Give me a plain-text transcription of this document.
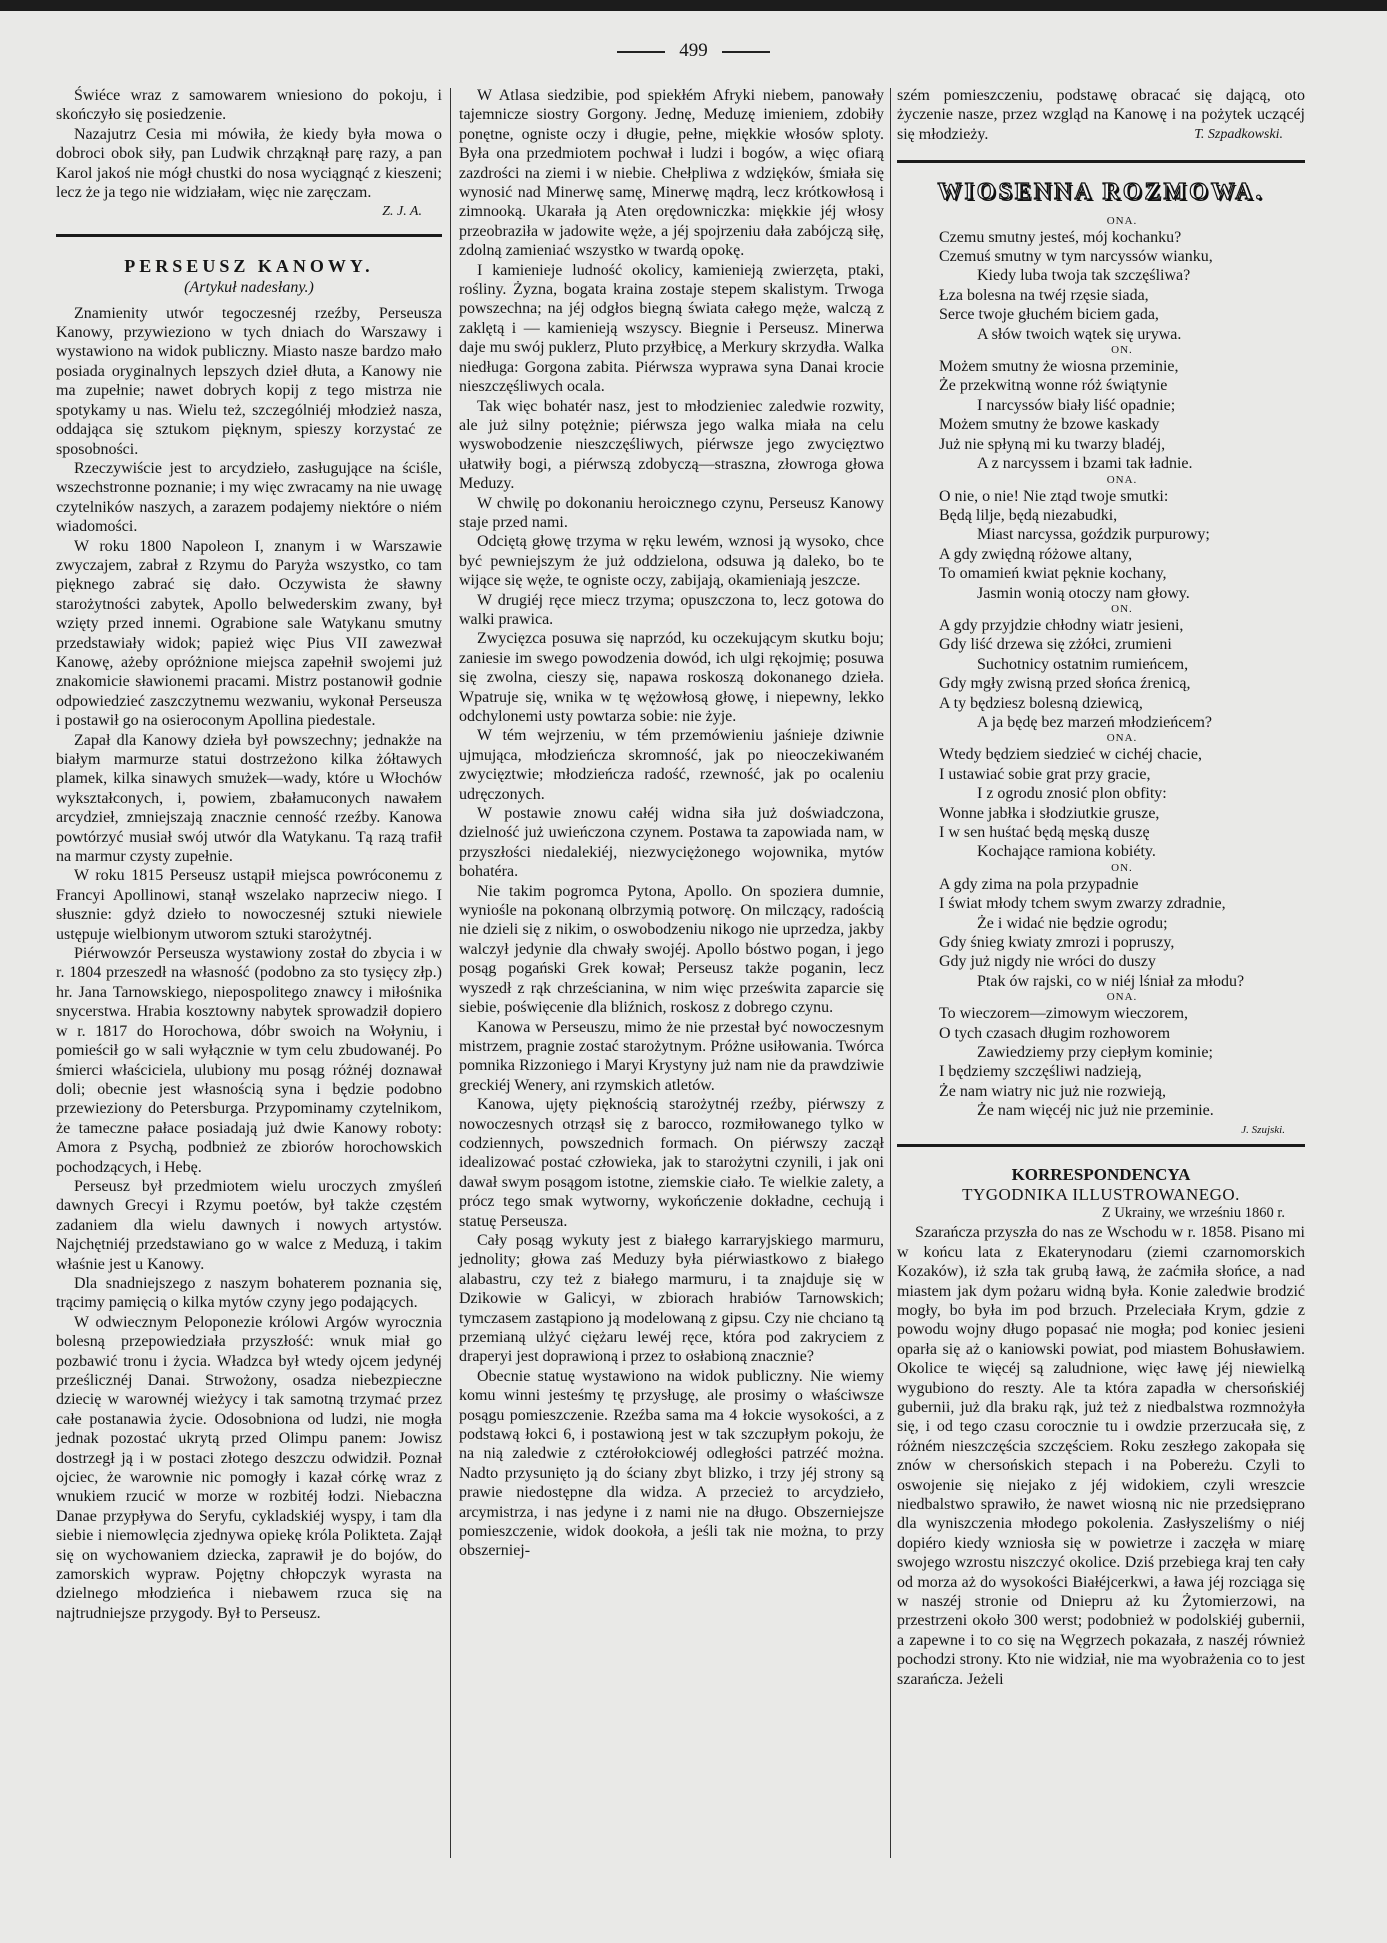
499

Świéce wraz z samowarem wniesiono do pokoju, i skończyło się posiedzenie.

Nazajutrz Cesia mi mówiła, że kiedy była mowa o dobroci obok siły, pan Ludwik chrząknął parę razy, a pan Karol jakoś nie mógł chustki do nosa wyciągnąć z kieszeni; lecz że ja tego nie widziałam, więc nie zaręczam.

Z. J. A.
PERSEUSZ KANOWY.
(Artykuł nadesłany.)

Znamienity utwór tegoczesnéj rzeźby, Perseusza Kanowy, przywieziono w tych dniach do Warszawy i wystawiono na widok publiczny. Miasto nasze bardzo mało posiada oryginalnych lepszych dzieł dłuta, a Kanowy nie ma zupełnie; nawet dobrych kopij z tego mistrza nie spotykamy u nas. Wielu też, szczególniéj młodzież nasza, oddająca się sztukom pięknym, spieszy korzystać ze sposobności.

Rzeczywiście jest to arcydzieło, zasługujące na ściśle, wszechstronne poznanie; i my więc zwracamy na nie uwagę czytelników naszych, a zarazem podajemy niektóre o niém wiadomości.

W roku 1800 Napoleon I, znanym i w Warszawie zwyczajem, zabrał z Rzymu do Paryża wszystko, co tam pięknego zabrać się dało. Oczywista że sławny starożytności zabytek, Apollo belwederskim zwany, był wzięty przed innemi. Ograbione sale Watykanu smutny przedstawiały widok; papież więc Pius VII zawezwał Kanowę, ażeby opróżnione miejsca zapełnił swojemi już znakomicie sławionemi pracami. Mistrz postanowił godnie odpowiedzieć zaszczytnemu wezwaniu, wykonał Perseusza i postawił go na osieroconym Apollina piedestale.

Zapał dla Kanowy dzieła był powszechny; jednakże na białym marmurze statui dostrzeżono kilka żółtawych plamek, kilka sinawych smużek—wady, które u Włochów wykształconych, i, powiem, zbałamuconych nawałem arcydzieł, zmniejszają znacznie cenność rzeźby. Kanowa powtórzyć musiał swój utwór dla Watykanu. Tą razą trafił na marmur czysty zupełnie.

W roku 1815 Perseusz ustąpił miejsca powróconemu z Francyi Apollinowi, stanął wszelako naprzeciw niego. I słusznie: gdyż dzieło to nowoczesnéj sztuki niewiele ustępuje wielbionym utworom sztuki starożytnéj.

Piérwowzór Perseusza wystawiony został do zbycia i w r. 1804 przeszedł na własność (podobno za sto tysięcy złp.) hr. Jana Tarnowskiego, niepospolitego znawcy i miłośnika snycerstwa. Hrabia kosztowny nabytek sprowadził dopiero w r. 1817 do Horochowa, dóbr swoich na Wołyniu, i pomieścił go w sali wyłącznie w tym celu zbudowanéj. Po śmierci właściciela, ulubiony mu posąg różnéj doznawał doli; obecnie jest własnością syna i będzie podobno przewieziony do Petersburga. Przypominamy czytelnikom, że tameczne pałace posiadają już dwie Kanowy roboty: Amora z Psychą, podbnież ze zbiorów horochowskich pochodzących, i Hebę.

Perseusz był przedmiotem wielu uroczych zmyśleń dawnych Grecyi i Rzymu poetów, był także częstém zadaniem dla wielu dawnych i nowych artystów. Najchętniéj przedstawiano go w walce z Meduzą, i takim właśnie jest u Kanowy.

Dla snadniejszego z naszym bohaterem poznania się, trącimy pamięcią o kilka mytów czyny jego podających.

W odwiecznym Peloponezie królowi Argów wyrocznia bolesną przepowiedziała przyszłość: wnuk miał go pozbawić tronu i życia. Władzca był wtedy ojcem jedynéj prześlicznéj Danai. Strwożony, osadza niebezpieczne dziecię w warownéj wieżycy i tak samotną trzymać przez całe postanawia życie. Odosobniona od ludzi, nie mogła jednak pozostać ukrytą przed Olimpu panem: Jowisz dostrzegł ją i w postaci złotego deszczu odwidził. Poznał ojciec, że warownie nic pomogły i kazał córkę wraz z wnukiem rzucić w morze w rozbitéj łodzi. Niebaczna Danae przypływa do Seryfu, cykladskiéj wyspy, i tam dla siebie i niemowlęcia zjednywa opiekę króla Polikteta. Zajął się on wychowaniem dziecka, zaprawił je do bojów, do zamorskich wypraw. Pojętny chłopczyk wyrasta na dzielnego młodzieńca i niebawem rzuca się na najtrudniejsze przygody. Był to Perseusz.

W Atlasa siedzibie, pod spiekłém Afryki niebem, panowały tajemnicze siostry Gorgony. Jednę, Meduzę imieniem, zdobiły ponętne, ogniste oczy i długie, pełne, miękkie włosów sploty. Była ona przedmiotem pochwał i ludzi i bogów, a więc ofiarą zazdrości na ziemi i w niebie. Chełpliwa z wdzięków, śmiała się wynosić nad Minerwę samę, Minerwę mądrą, lecz krótkowłosą i zimnooką. Ukarała ją Aten orędowniczka: miękkie jéj włosy przeobraziła w jadowite węże, a jéj spojrzeniu dała zabójczą siłę, zdolną zamieniać wszystko w twardą opokę.

I kamienieje ludność okolicy, kamienieją zwierzęta, ptaki, rośliny. Żyzna, bogata kraina zostaje stepem skalistym. Trwoga powszechna; na jéj odgłos biegną świata całego męże, walczą z zaklętą i — kamienieją wszyscy. Biegnie i Perseusz. Minerwa daje mu swój puklerz, Pluto przyłbicę, a Merkury skrzydła. Walka niedługa: Gorgona zabita. Piérwsza wyprawa syna Danai krocie nieszczęśliwych ocala.

Tak więc bohatér nasz, jest to młodzieniec zaledwie rozwity, ale już silny potężnie; piérwsza jego walka miała na celu wyswobodzenie nieszczęśliwych, piérwsze jego zwycięztwo ułatwiły bogi, a piérwszą zdobyczą—straszna, złowroga głowa Meduzy.

W chwilę po dokonaniu heroicznego czynu, Perseusz Kanowy staje przed nami.

Odciętą głowę trzyma w ręku lewém, wznosi ją wysoko, chce być pewniejszym że już oddzielona, odsuwa ją daleko, bo te wijące się węże, te ogniste oczy, zabijają, okamieniają jeszcze.

W drugiéj ręce miecz trzyma; opuszczona to, lecz gotowa do walki prawica.

Zwycięzca posuwa się naprzód, ku oczekującym skutku boju; zaniesie im swego powodzenia dowód, ich ulgi rękojmię; posuwa się zwolna, cieszy się, napawa roskoszą dokonanego dzieła. Wpatruje się, wnika w tę wężowłosą głowę, i niepewny, lekko odchylonemi usty powtarza sobie: nie żyje.

W tém wejrzeniu, w tém przemówieniu jaśnieje dziwnie ujmująca, młodzieńcza skromność, jak po nieoczekiwaném zwycięztwie; młodzieńcza radość, rzewność, jak po ocaleniu udręczonych.

W postawie znowu całéj widna siła już doświadczona, dzielność już uwieńczona czynem. Postawa ta zapowiada nam, w przyszłości niedalekiéj, niezwyciężonego wojownika, mytów bohatéra.

Nie takim pogromca Pytona, Apollo. On spoziera dumnie, wyniośle na pokonaną olbrzymią potworę. On milczący, radością nie dzieli się z nikim, o oswobodzeniu nikogo nie uprzedza, jakby walczył jedynie dla chwały swojéj. Apollo bóstwo pogan, i jego posąg pogański Grek kował; Perseusz także poganin, lecz wyszedł z rąk chrześcianina, w nim więc prześwita zaparcie się siebie, poświęcenie dla bliźnich, roskosz z dobrego czynu.

Kanowa w Perseuszu, mimo że nie przestał być nowoczesnym mistrzem, pragnie zostać starożytnym. Próżne usiłowania. Twórca pomnika Rizzoniego i Maryi Krystyny już nam nie da prawdziwie greckiéj Wenery, ani rzymskich atletów.

Kanowa, ujęty pięknością starożytnéj rzeźby, piérwszy z nowoczesnych otrząsł się z barocco, rozmiłowanego tylko w codziennych, powszednich formach. On piérwszy zaczął idealizować postać człowieka, jak to starożytni czynili, i jak oni dawał swym posągom istotne, ziemskie ciało. Te wielkie zalety, a prócz tego smak wytworny, wykończenie dokładne, cechują i statuę Perseusza.

Cały posąg wykuty jest z białego karraryjskiego marmuru, jednolity; głowa zaś Meduzy była piérwiastkowo z białego alabastru, czy też z białego marmuru, i ta znajduje się w Dzikowie w Galicyi, w zbiorach hrabiów Tarnowskich; tymczasem zastąpiono ją modelowaną z gipsu. Czy nie chciano tą przemianą ulżyć ciężaru lewéj ręce, która pod zakryciem z draperyi jest doprawioną i przez to osłabioną znacznie?

Obecnie statuę wystawiono na widok publiczny. Nie wiemy komu winni jesteśmy tę przysługę, ale prosimy o właściwsze posągu pomieszczenie. Rzeźba sama ma 4 łokcie wysokości, a z podstawą łokci 6, i postawioną jest w tak szczupłym pokoju, że na nią zaledwie z cztérołokciowéj odległości patrzéć można. Nadto przysunięto ją do ściany zbyt blizko, i trzy jéj strony są prawie niedostępne dla widza. A przecież to arcydzieło, arcymistrza, i nas jedyne i z nami nie na długo. Obszerniejsze pomieszczenie, widok dookoła, a jeśli tak nie można, to przy obszerniej-

szém pomieszczeniu, podstawę obracać się dającą, oto życzenie nasze, przez wzgląd na Kanowę i na pożytek uczącéj się młodzieży.	T. Szpadkowski.

WIOSENNA ROZMOWA.
ONA.
Czemu smutny jesteś, mój kochanku?
Czemuś smutny w tym narcyssów wianku,
Kiedy luba twoja tak szczęśliwa?
Łza bolesna na twéj rzęsie siada,
Serce twoje głuchém biciem gada,
A słów twoich wątek się urywa.
ON.
Możem smutny że wiosna przeminie,
Że przekwitną wonne róż świątynie
I narcyssów biały liść opadnie;
Możem smutny że bzowe kaskady
Już nie spłyną mi ku twarzy bladéj,
A z narcyssem i bzami tak ładnie.
ONA.
O nie, o nie! Nie ztąd twoje smutki:
Będą lilje, będą niezabudki,
Miast narcyssa, goździk purpurowy;
A gdy zwiędną różowe altany,
To omamień kwiat pęknie kochany,
Jasmin wonią otoczy nam głowy.
ON.
A gdy przyjdzie chłodny wiatr jesieni,
Gdy liść drzewa się zżółci, zrumieni
Suchotnicy ostatnim rumieńcem,
Gdy mgły zwisną przed słońca źrenicą,
A ty będziesz bolesną dziewicą,
A ja będę bez marzeń młodzieńcem?
ONA.
Wtedy będziem siedzieć w cichéj chacie,
I ustawiać sobie grat przy gracie,
I z ogrodu znosić plon obfity:
Wonne jabłka i słodziutkie grusze,
I w sen huśtać będą męską duszę
Kochające ramiona kobiéty.
ON.
A gdy zima na pola przypadnie
I świat młody tchem swym zwarzy zdradnie,
Że i widać nie będzie ogrodu;
Gdy śnieg kwiaty zmrozi i popruszy,
Gdy już nigdy nie wróci do duszy
Ptak ów rajski, co w niéj lśniał za młodu?
ONA.
To wieczorem—zimowym wieczorem,
O tych czasach długim rozhoworem
Zawiedziemy przy ciepłym kominie;
I będziemy szczęśliwi nadzieją,
Że nam wiatry nic już nie rozwieją,
Że nam więcéj nic już nie przeminie.
J. Szujski.
KORRESPONDENCYA
TYGODNIKA ILLUSTROWANEGO.
Z Ukrainy, we wrześniu 1860 r.

Szarańcza przyszła do nas ze Wschodu w r. 1858. Pisano mi w końcu lata z Ekaterynodaru (ziemi czarnomorskich Kozaków), iż szła tak grubą ławą, że zaćmiła słońce, a nad miastem jak dym pożaru widną była. Konie zaledwie brodzić mogły, bo była im pod brzuch. Przeleciała Krym, gdzie z powodu wojny długo popasać nie mogła; pod koniec jesieni oparła się aż o kaniowski powiat, pod miastem Bohusławiem. Okolice te więcéj są zaludnione, więc ławę jéj niewielką wygubiono do reszty. Ale ta która zapadła w chersońskiéj gubernii, już dla braku rąk, już też z niedbalstwa rozmnożyła się, i od tego czasu corocznie tu i owdzie przerzucała się, z różném nieszczęścia szczęściem. Roku zeszłego zakopała się znów w chersońskich stepach i na Pobereżu. Czyli to oswojenie się niejako z jéj widokiem, czyli wreszcie niedbalstwo sprawiło, że nawet wiosną nic nie przedsięprano dla wyniszczenia młodego pokolenia. Zasłyszeliśmy o niéj dopiéro kiedy wzniosła się w powietrze i zaczęła w miarę swojego wzrostu niszczyć okolice. Dziś przebiega kraj ten cały od morza aż do wysokości Białéjcerkwi, a ława jéj rozciąga się w naszéj stronie od Dniepru aż ku Żytomierzowi, na przestrzeni około 300 werst; podobnież w podolskiéj gubernii, a zapewne i to co się na Węgrzech pokazała, z naszéj również pochodzi strony. Kto nie widział, nie ma wyobrażenia co to jest szarańcza. Jeżeli
